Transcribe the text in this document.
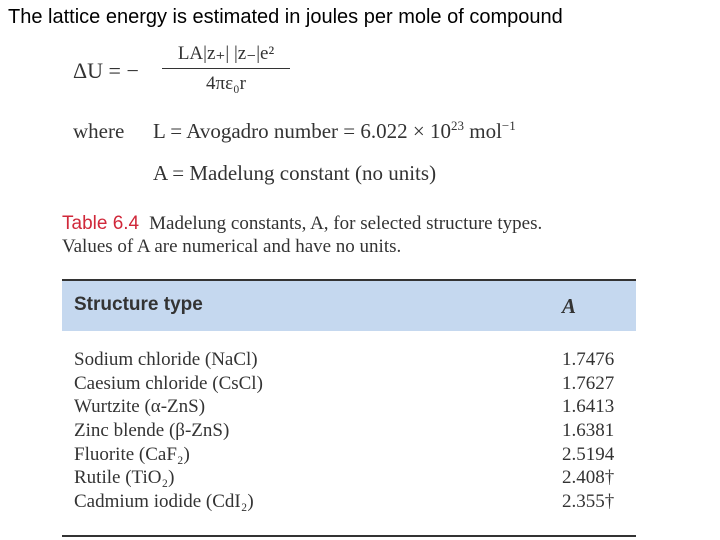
The lattice energy is estimated in joules per mole of compound
ΔU = − $\frac{\text{LA|z₊| |z₋|e²}}{\text{4πε₀r}}$
where L = Avogadro number = $6.022 \times 10^{23}$ mol$^{-1}$
A = Madelung constant (no units)
Table 6.4 Madelung constants, A, for selected structure types.
Values of A are numerical and have no units.
Structure type	A
Sodium chloride (NaCl)	1.7476
Caesium chloride (CsCl)	1.7627
Wurtzite (α-ZnS)	1.6413
Zinc blende (β-ZnS)	1.6381
Fluorite (CaF₂)	2.5194
Rutile (TiO₂)	2.408†
Cadmium iodide (CdI₂)	2.355†
